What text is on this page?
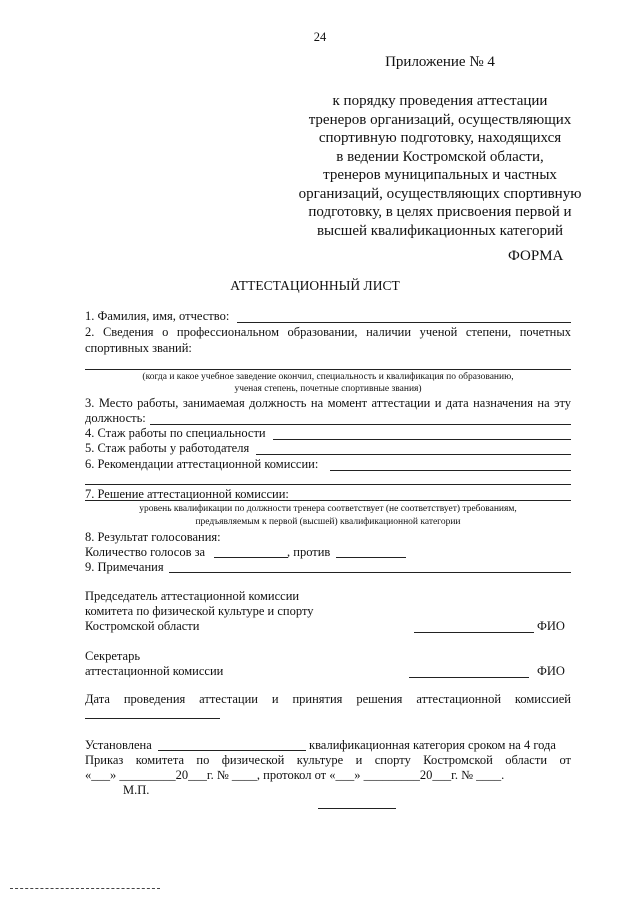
24
Приложение № 4
к порядку проведения аттестации
тренеров организаций, осуществляющих
спортивную подготовку, находящихся
в ведении Костромской области,
тренеров муниципальных и частных
организаций, осуществляющих спортивную
подготовку, в целях присвоения первой и
высшей квалификационных категорий
ФОРМА
АТТЕСТАЦИОННЫЙ ЛИСТ
1. Фамилия, имя, отчество:
2. Сведения о профессиональном образовании, наличии ученой степени, почетных
спортивных званий:
(когда и какое учебное заведение окончил, специальность и квалификация по образованию,
ученая степень, почетные спортивные звания)
3. Место работы, занимаемая должность на момент аттестации и дата назначения на эту
должность:
4. Стаж работы по специальности
5. Стаж работы у работодателя
6. Рекомендации аттестационной комиссии:
7. Решение аттестационной комиссии:
уровень квалификации по должности тренера соответствует (не соответствует) требованиям,
предъявляемым к первой (высшей) квалификационной категории
8. Результат голосования:
Количество голосов за	, против
9. Примечания
Председатель аттестационной комиссии
комитета по физической культуре и спорту
Костромской области	ФИО
Секретарь
аттестационной комиссии	ФИО
Дата проведения аттестации и принятия решения аттестационной комиссией
Установлена	квалификационная категория сроком на 4 года
Приказ комитета по физической культуре и спорту Костромской области от
«___» _________20___г. № ____, протокол от «___» _________20___г. № ____.
М.П.
